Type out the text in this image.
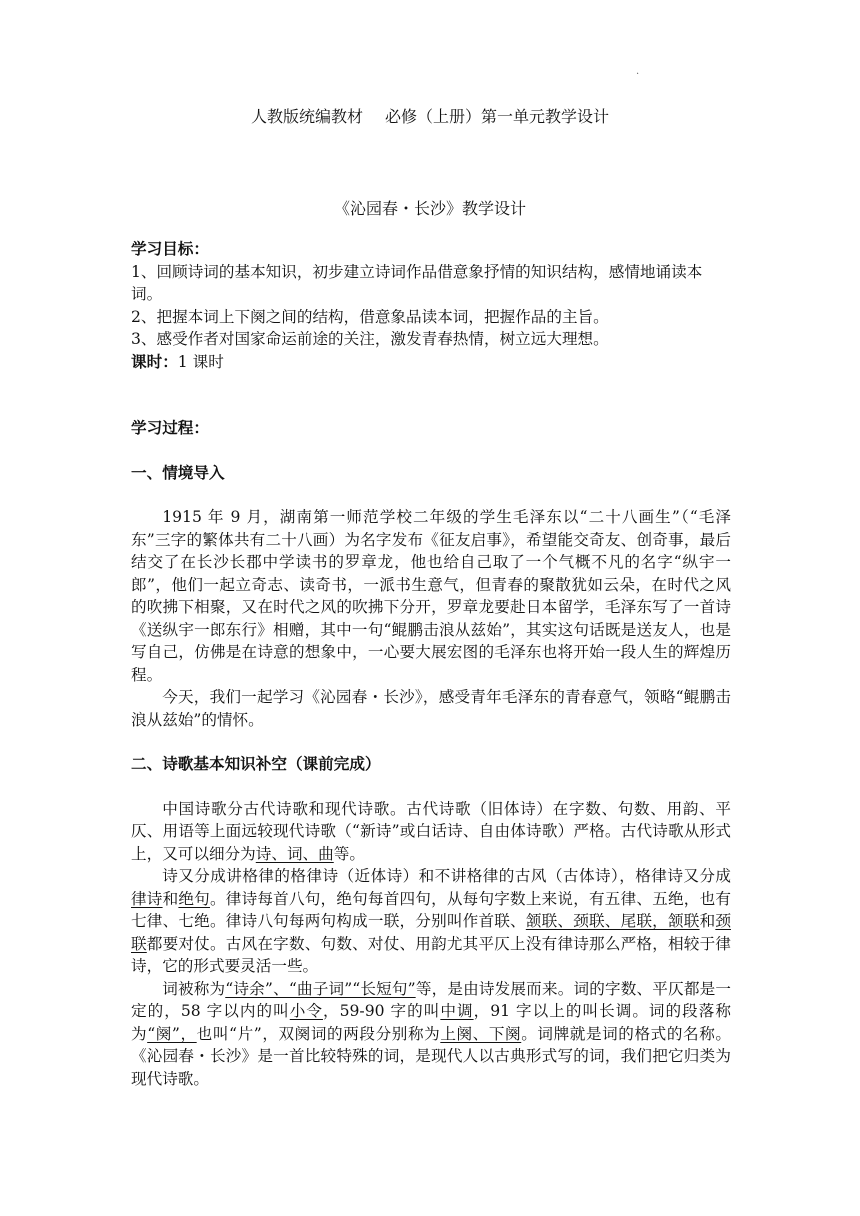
.
人教版统编教材 必修（上册）第一单元教学设计
《沁园春・长沙》教学设计

学习目标：

1、回顾诗词的基本知识，初步建立诗词作品借意象抒情的知识结构，感情地诵读本词。

2、把握本词上下阕之间的结构，借意象品读本词，把握作品的主旨。

3、感受作者对国家命运前途的关注，激发青春热情，树立远大理想。

课时：1 课时

学习过程：

一、情境导入

1915 年 9 月，湖南第一师范学校二年级的学生毛泽东以“二十八画生”（“毛泽东”三字的繁体共有二十八画）为名字发布《征友启事》，希望能交奇友、创奇事，最后结交了在长沙长郡中学读书的罗章龙，他也给自己取了一个气概不凡的名字“纵宇一郎”，他们一起立奇志、读奇书，一派书生意气，但青春的聚散犹如云朵，在时代之风的吹拂下相聚，又在时代之风的吹拂下分开，罗章龙要赴日本留学，毛泽东写了一首诗《送纵宇一郎东行》相赠，其中一句“鲲鹏击浪从兹始”，其实这句话既是送友人，也是写自己，仿佛是在诗意的想象中，一心要大展宏图的毛泽东也将开始一段人生的辉煌历程。

今天，我们一起学习《沁园春・长沙》，感受青年毛泽东的青春意气，领略“鲲鹏击浪从兹始”的情怀。

二、诗歌基本知识补空（课前完成）

中国诗歌分古代诗歌和现代诗歌。古代诗歌（旧体诗）在字数、句数、用韵、平仄、用语等上面远较现代诗歌（“新诗”或白话诗、自由体诗歌）严格。古代诗歌从形式上，又可以细分为诗、词、曲等。

诗又分成讲格律的格律诗（近体诗）和不讲格律的古风（古体诗），格律诗又分成律诗和绝句。律诗每首八句，绝句每首四句，从每句字数上来说，有五律、五绝，也有七律、七绝。律诗八句每两句构成一联，分别叫作首联、颔联、颈联、尾联，颔联和颈联都要对仗。古风在字数、句数、对仗、用韵尤其平仄上没有律诗那么严格，相较于律诗，它的形式要灵活一些。

词被称为“诗余”、“曲子词”“长短句”等，是由诗发展而来。词的字数、平仄都是一定的，58 字以内的叫小令，59-90 字的叫中调，91 字以上的叫长调。词的段落称为“阕”，也叫“片”，双阕词的两段分别称为上阕、下阕。词牌就是词的格式的名称。《沁园春・长沙》是一首比较特殊的词，是现代人以古典形式写的词，我们把它归类为现代诗歌。
